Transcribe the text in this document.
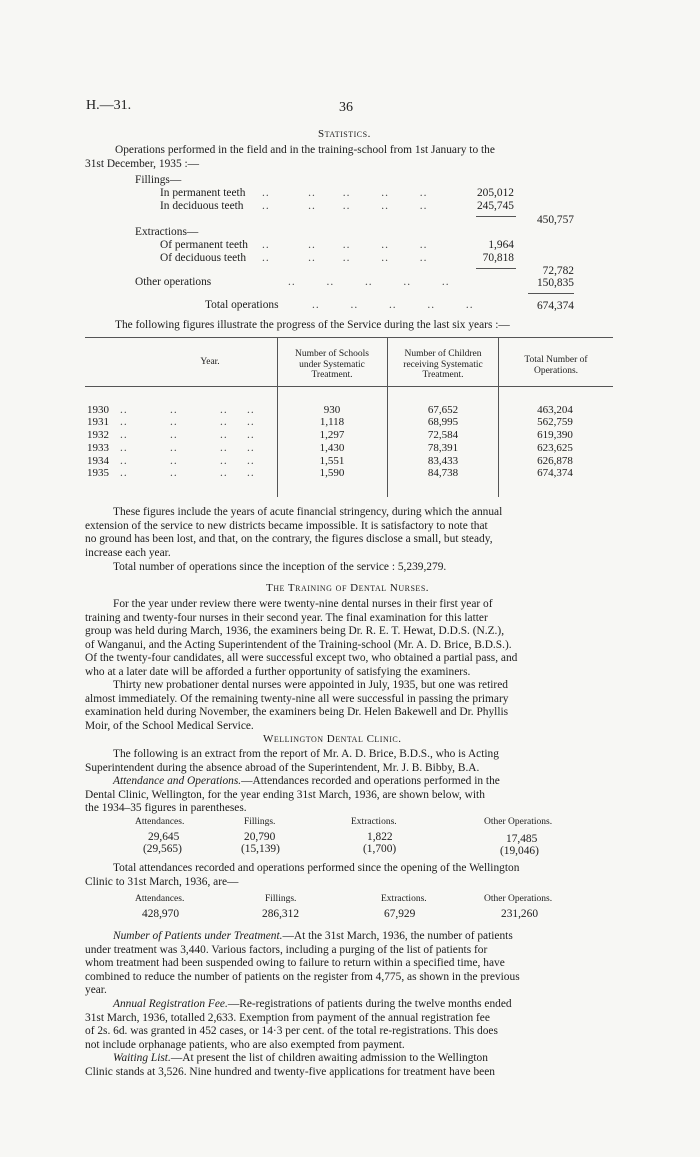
H.—31.	36
Statistics.
Operations performed in the field and in the training-school from 1st January to the
31st December, 1935 :—
Fillings—
In permanent teeth ..          ..       ..        ..        ..	205,012
In deciduous teeth ..          ..       ..        ..        ..	245,745
450,757
Extractions—
Of permanent teeth ..          ..       ..        ..        ..	1,964
Of deciduous teeth ..          ..       ..        ..        ..	70,818
72,782
Other operations	..        ..        ..        ..        ..	150,835
Total operations	..        ..        ..        ..        ..	674,374
The following figures illustrate the progress of the Service during the last six years :—
Year.
Number of Schools
under Systematic
Treatment.
Number of Children
receiving Systematic
Treatment.
Total Number of
Operations.
1930 ..           ..           ..     ..	930	67,652	463,204
1931 ..           ..           ..     ..	1,118	68,995	562,759
1932 ..           ..           ..     ..	1,297	72,584	619,390
1933 ..           ..           ..     ..	1,430	78,391	623,625
1934 ..           ..           ..     ..	1,551	83,433	626,878
1935 ..           ..           ..     ..	1,590	84,738	674,374
These figures include the years of acute financial stringency, during which the annual
extension of the service to new districts became impossible. It is satisfactory to note that
no ground has been lost, and that, on the contrary, the figures disclose a small, but steady,
increase each year.
Total number of operations since the inception of the service : 5,239,279.
The Training of Dental Nurses.
For the year under review there were twenty-nine dental nurses in their first year of
training and twenty-four nurses in their second year. The final examination for this latter
group was held during March, 1936, the examiners being Dr. R. E. T. Hewat, D.D.S. (N.Z.),
of Wanganui, and the Acting Superintendent of the Training-school (Mr. A. D. Brice, B.D.S.).
Of the twenty-four candidates, all were successful except two, who obtained a partial pass, and
who at a later date will be afforded a further opportunity of satisfying the examiners.
Thirty new probationer dental nurses were appointed in July, 1935, but one was retired
almost immediately. Of the remaining twenty-nine all were successful in passing the primary
examination held during November, the examiners being Dr. Helen Bakewell and Dr. Phyllis
Moir, of the School Medical Service.
Wellington Dental Clinic.
The following is an extract from the report of Mr. A. D. Brice, B.D.S., who is Acting
Superintendent during the absence abroad of the Superintendent, Mr. J. B. Bibby, B.A.
Attendance and Operations.—Attendances recorded and operations performed in the
Dental Clinic, Wellington, for the year ending 31st March, 1936, are shown below, with
the 1934–35 figures in parentheses.
Attendances.	Fillings.	Extractions.	Other Operations.
29,645	20,790	1,822	17,485
(29,565)	(15,139)	(1,700)	(19,046)
Total attendances recorded and operations performed since the opening of the Wellington
Clinic to 31st March, 1936, are—
Attendances.	Fillings.	Extractions.	Other Operations.
428,970	286,312	67,929	231,260
Number of Patients under Treatment.—At the 31st March, 1936, the number of patients
under treatment was 3,440. Various factors, including a purging of the list of patients for
whom treatment had been suspended owing to failure to return within a specified time, have
combined to reduce the number of patients on the register from 4,775, as shown in the previous
year.
Annual Registration Fee.—Re-registrations of patients during the twelve months ended
31st March, 1936, totalled 2,633. Exemption from payment of the annual registration fee
of 2s. 6d. was granted in 452 cases, or 14·3 per cent. of the total re-registrations. This does
not include orphanage patients, who are also exempted from payment.
Waiting List.—At present the list of children awaiting admission to the Wellington
Clinic stands at 3,526. Nine hundred and twenty-five applications for treatment have been
